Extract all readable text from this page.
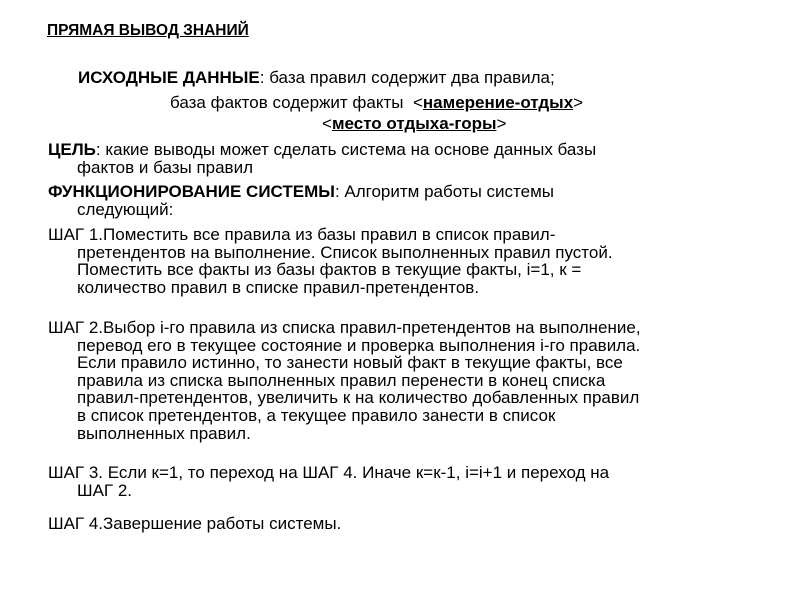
ПРЯМАЯ ВЫВОД ЗНАНИЙ
ИСХОДНЫЕ ДАННЫЕ: база правил содержит два правила;
база фактов содержит факты <намерение-отдых>
<место отдыха-горы>
ЦЕЛЬ: какие выводы может сделать система на основе данных базы
фактов и базы правил
ФУНКЦИОНИРОВАНИЕ СИСТЕМЫ: Алгоритм работы системы
следующий:
ШАГ 1.Поместить все правила из базы правил в список правил-
претендентов на выполнение. Список выполненных правил пустой.
Поместить все факты из базы фактов в текущие факты, i=1, к =
количество правил в списке правил-претендентов.
ШАГ 2.Выбор i-го правила из списка правил-претендентов на выполнение,
перевод его в текущее состояние и проверка выполнения i-го правила.
Если правило истинно, то занести новый факт в текущие факты, все
правила из списка выполненных правил перенести в конец списка
правил-претендентов, увеличить к на количество добавленных правил
в список претендентов, а текущее правило занести в список
выполненных правил.
ШАГ 3. Если к=1, то переход на ШАГ 4. Иначе к=к-1, i=i+1 и переход на
ШАГ 2.
ШАГ 4.Завершение работы системы.
